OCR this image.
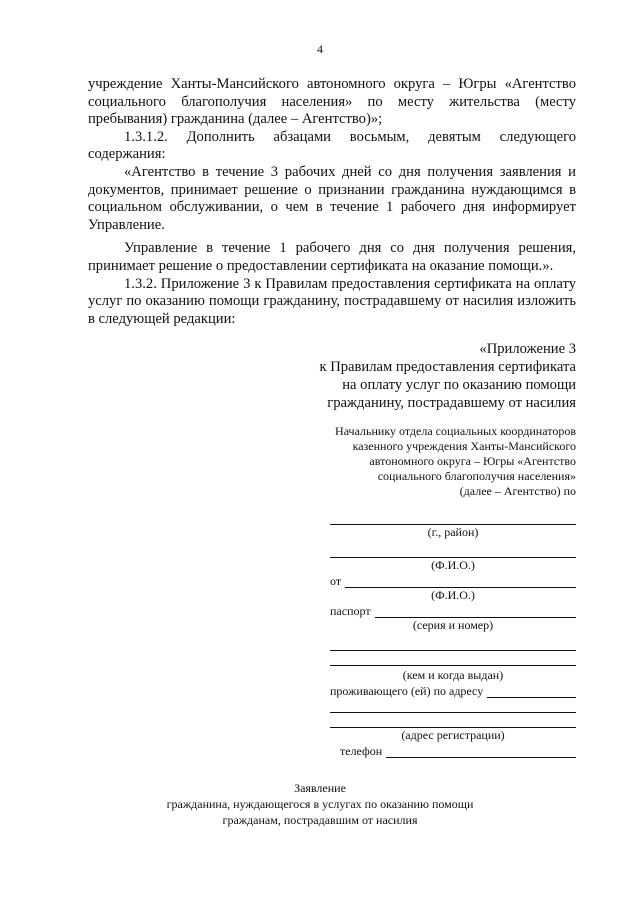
4

учреждение Ханты-Мансийского автономного округа – Югры «Агентство социального благополучия населения» по месту жительства (месту пребывания) гражданина (далее – Агентство)»;

1.3.1.2. Дополнить абзацами восьмым, девятым следующего содержания:

«Агентство в течение 3 рабочих дней со дня получения заявления и документов, принимает решение о признании гражданина нуждающимся в социальном обслуживании, о чем в течение 1 рабочего дня информирует Управление.

Управление в течение 1 рабочего дня со дня получения решения, принимает решение о предоставлении сертификата на оказание помощи.».

1.3.2. Приложение 3 к Правилам предоставления сертификата на оплату услуг по оказанию помощи гражданину, пострадавшему от насилия изложить в следующей редакции:

«Приложение 3
к Правилам предоставления сертификата
на оплату услуг по оказанию помощи
гражданину, пострадавшему от насилия
Начальнику отдела социальных координаторов
казенного учреждения Ханты-Мансийского
автономного округа – Югры «Агентство
социального благополучия населения»
(далее – Агентство) по
(г., район)
(Ф.И.О.)
от
(Ф.И.О.)
паспорт
(серия и номер)
(кем и когда выдан)
проживающего (ей) по адресу
(адрес регистрации)
телефон
Заявление
гражданина, нуждающегося в услугах по оказанию помощи
гражданам, пострадавшим от насилия
